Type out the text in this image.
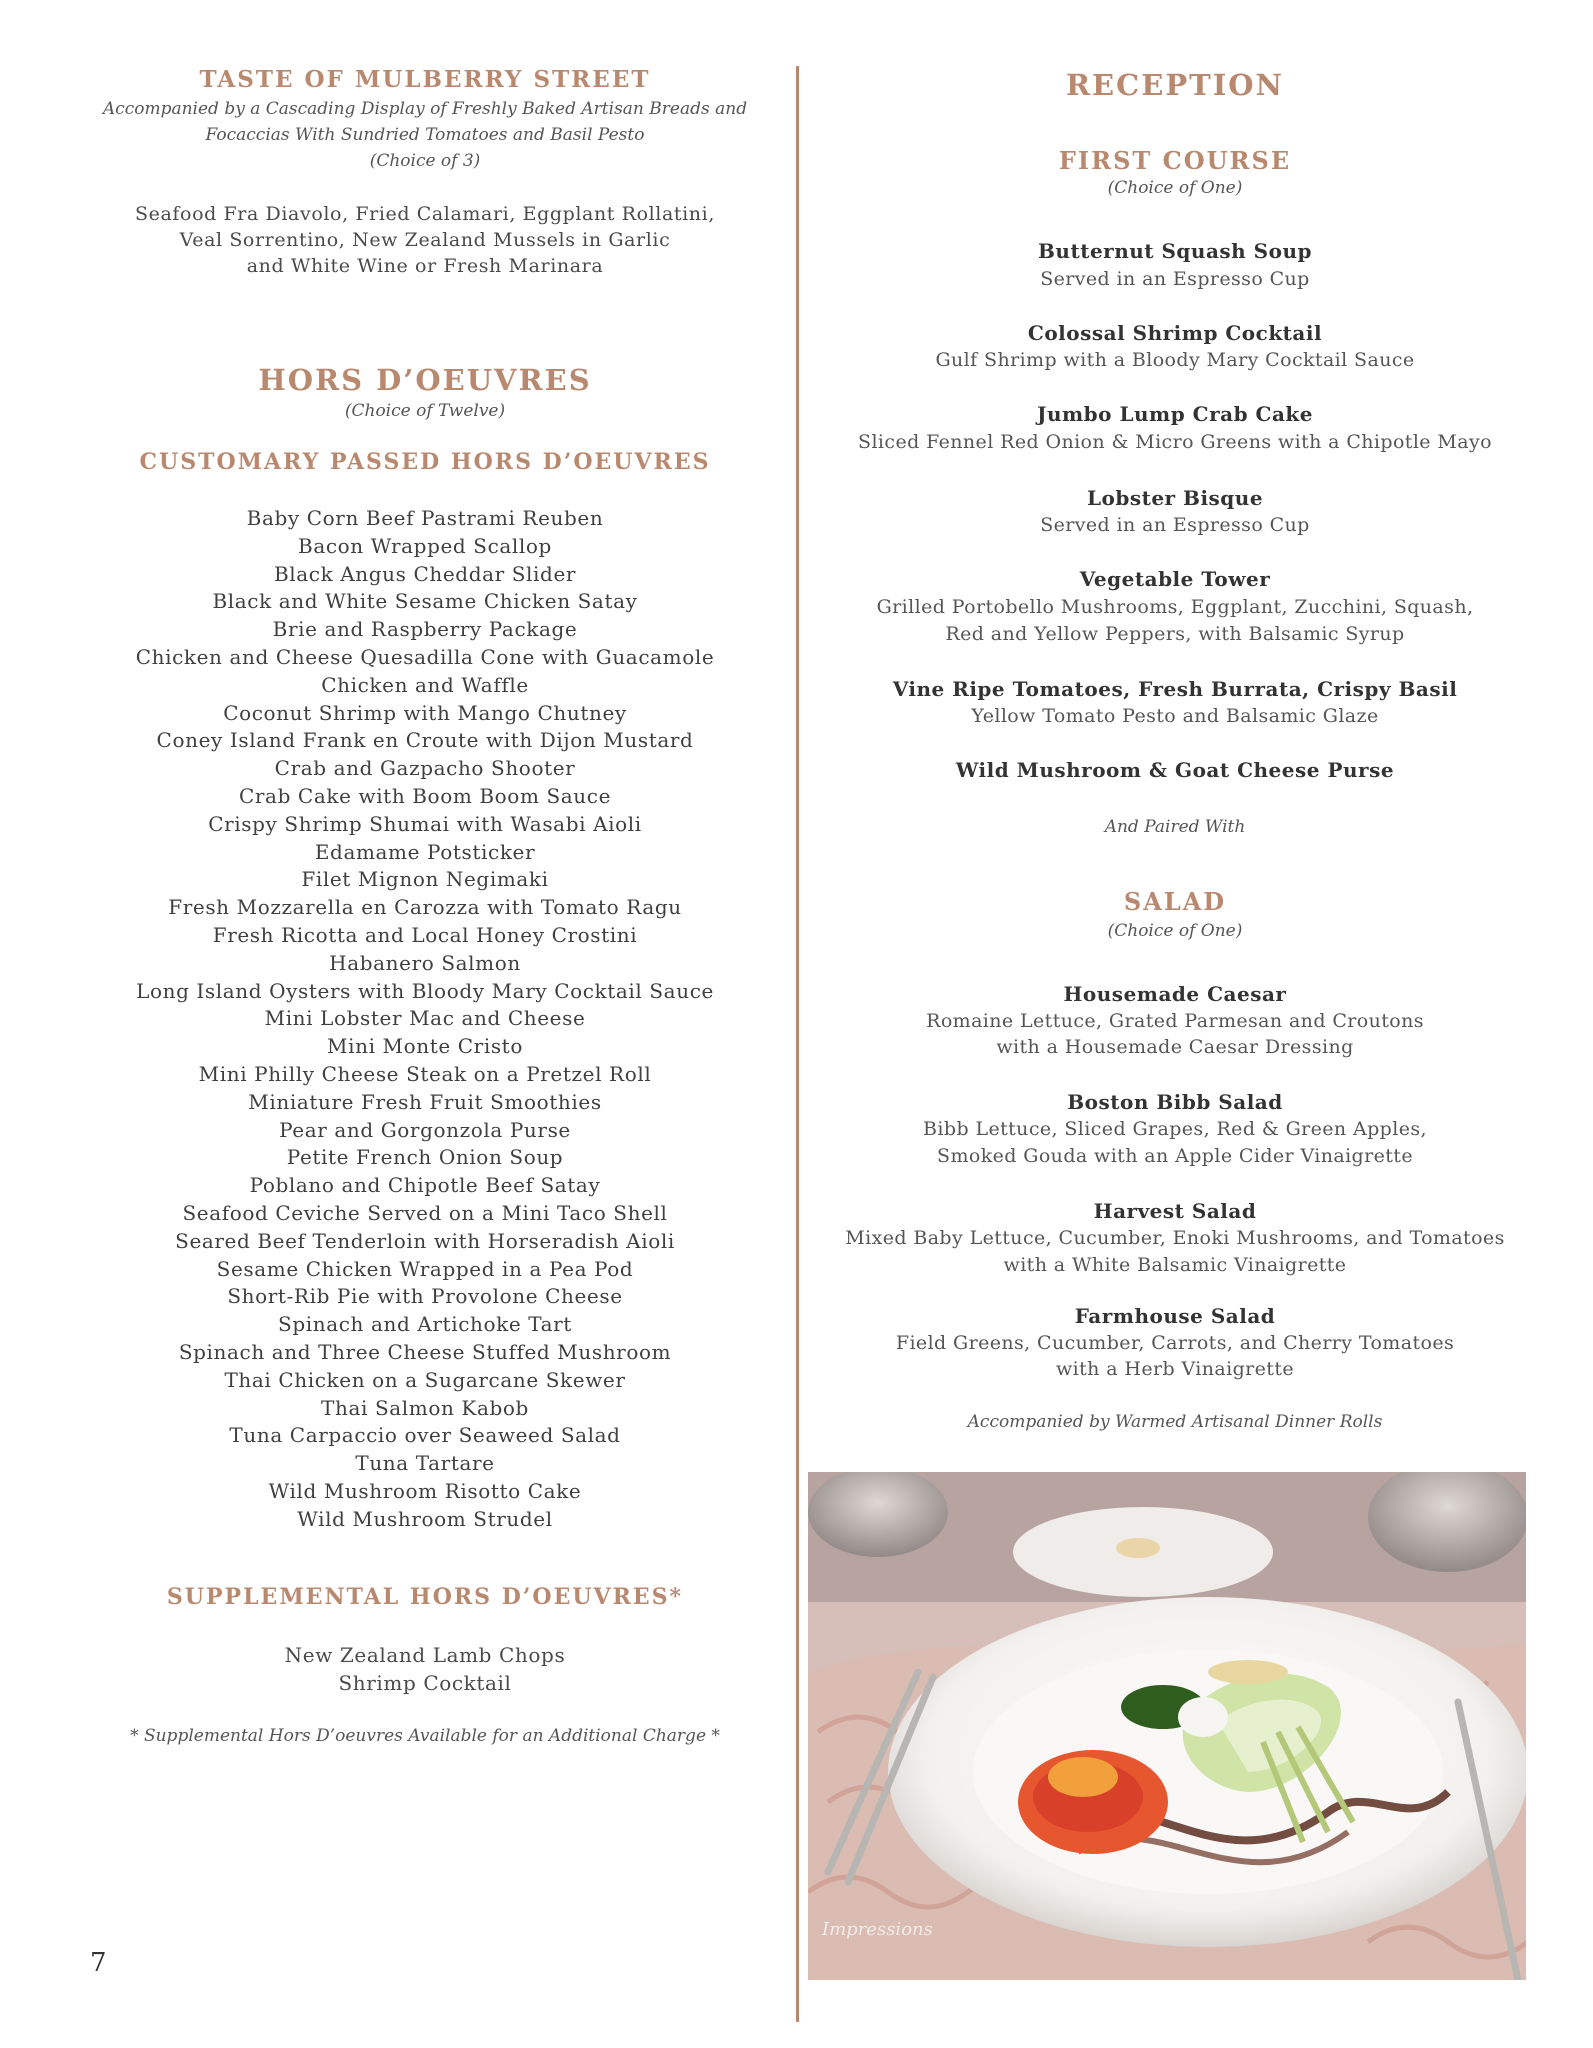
TASTE OF MULBERRY STREET
Accompanied by a Cascading Display of Freshly Baked Artisan Breads and
Focaccias With Sundried Tomatoes and Basil Pesto
(Choice of 3)
Seafood Fra Diavolo, Fried Calamari, Eggplant Rollatini,
Veal Sorrentino, New Zealand Mussels in Garlic
and White Wine or Fresh Marinara
HORS D’OEUVRES
(Choice of Twelve)
CUSTOMARY PASSED HORS D’OEUVRES
Baby Corn Beef Pastrami Reuben
Bacon Wrapped Scallop
Black Angus Cheddar Slider
Black and White Sesame Chicken Satay
Brie and Raspberry Package
Chicken and Cheese Quesadilla Cone with Guacamole
Chicken and Waffle
Coconut Shrimp with Mango Chutney
Coney Island Frank en Croute with Dijon Mustard
Crab and Gazpacho Shooter
Crab Cake with Boom Boom Sauce
Crispy Shrimp Shumai with Wasabi Aioli
Edamame Potsticker
Filet Mignon Negimaki
Fresh Mozzarella en Carozza with Tomato Ragu
Fresh Ricotta and Local Honey Crostini
Habanero Salmon
Long Island Oysters with Bloody Mary Cocktail Sauce
Mini Lobster Mac and Cheese
Mini Monte Cristo
Mini Philly Cheese Steak on a Pretzel Roll
Miniature Fresh Fruit Smoothies
Pear and Gorgonzola Purse
Petite French Onion Soup
Poblano and Chipotle Beef Satay
Seafood Ceviche Served on a Mini Taco Shell
Seared Beef Tenderloin with Horseradish Aioli
Sesame Chicken Wrapped in a Pea Pod
Short-Rib Pie with Provolone Cheese
Spinach and Artichoke Tart
Spinach and Three Cheese Stuffed Mushroom
Thai Chicken on a Sugarcane Skewer
Thai Salmon Kabob
Tuna Carpaccio over Seaweed Salad
Tuna Tartare
Wild Mushroom Risotto Cake
Wild Mushroom Strudel
SUPPLEMENTAL HORS D’OEUVRES*
New Zealand Lamb Chops
Shrimp Cocktail
* Supplemental Hors D’oeuvres Available for an Additional Charge *
RECEPTION
FIRST COURSE
(Choice of One)
Butternut Squash Soup
Served in an Espresso Cup
Colossal Shrimp Cocktail
Gulf Shrimp with a Bloody Mary Cocktail Sauce
Jumbo Lump Crab Cake
Sliced Fennel Red Onion & Micro Greens with a Chipotle Mayo
Lobster Bisque
Served in an Espresso Cup
Vegetable Tower
Grilled Portobello Mushrooms, Eggplant, Zucchini, Squash,
Red and Yellow Peppers, with Balsamic Syrup
Vine Ripe Tomatoes, Fresh Burrata, Crispy Basil
Yellow Tomato Pesto and Balsamic Glaze
Wild Mushroom & Goat Cheese Purse
And Paired With
SALAD
(Choice of One)
Housemade Caesar
Romaine Lettuce, Grated Parmesan and Croutons
with a Housemade Caesar Dressing
Boston Bibb Salad
Bibb Lettuce, Sliced Grapes, Red & Green Apples,
Smoked Gouda with an Apple Cider Vinaigrette
Harvest Salad
Mixed Baby Lettuce, Cucumber, Enoki Mushrooms, and Tomatoes
with a White Balsamic Vinaigrette
Farmhouse Salad
Field Greens, Cucumber, Carrots, and Cherry Tomatoes
with a Herb Vinaigrette
Accompanied by Warmed Artisanal Dinner Rolls
Impressions
7
